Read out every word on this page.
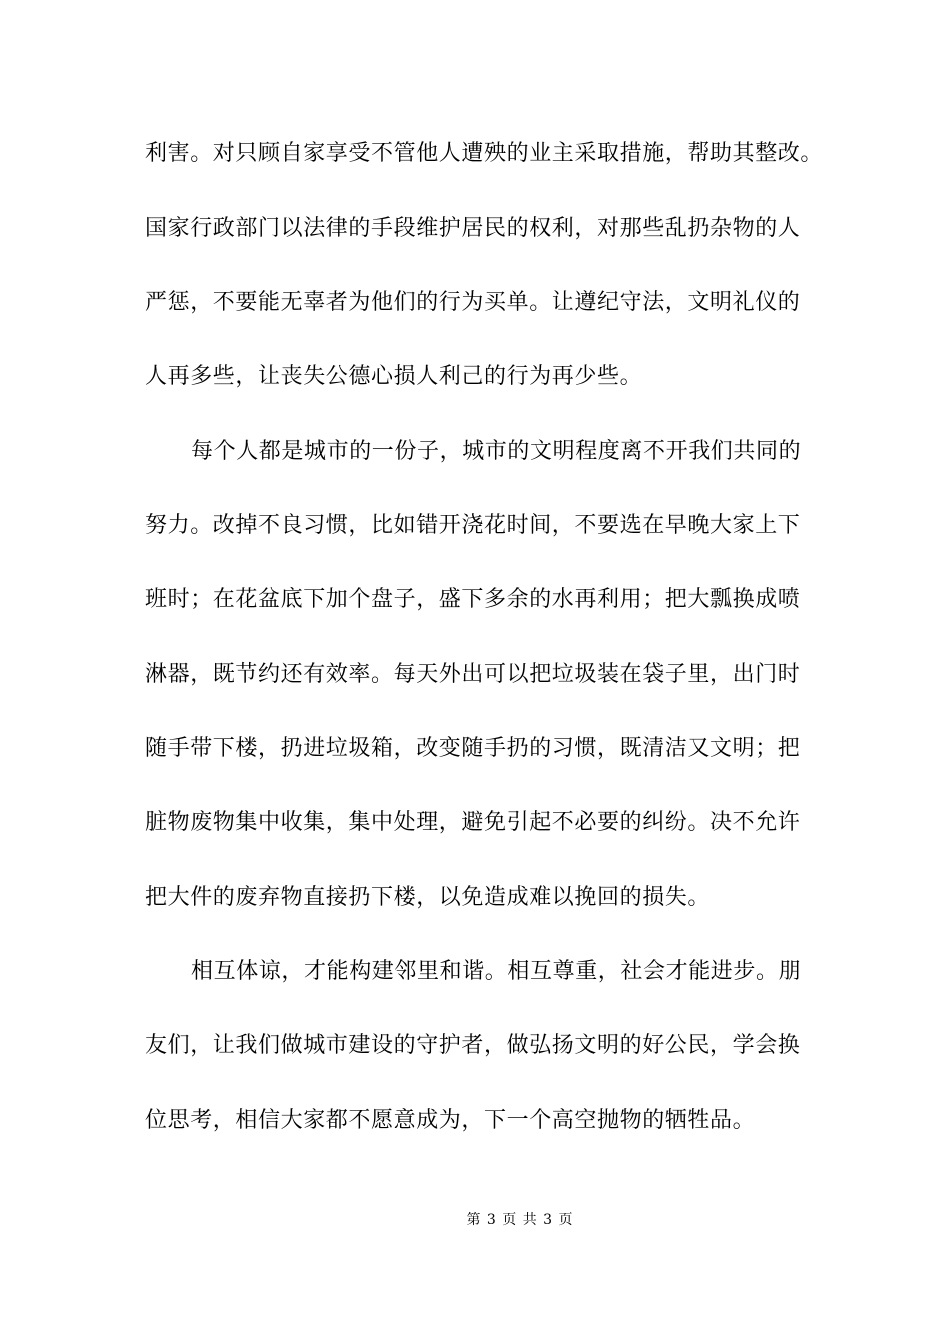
利害。对只顾自家享受不管他人遭殃的业主采取措施，帮助其整改。
国家行政部门以法律的手段维护居民的权利，对那些乱扔杂物的人
严惩，不要能无辜者为他们的行为买单。让遵纪守法，文明礼仪的
人再多些，让丧失公德心损人利己的行为再少些。
每个人都是城市的一份子，城市的文明程度离不开我们共同的
努力。改掉不良习惯，比如错开浇花时间，不要选在早晚大家上下
班时；在花盆底下加个盘子，盛下多余的水再利用；把大瓢换成喷
淋器，既节约还有效率。每天外出可以把垃圾装在袋子里，出门时
随手带下楼，扔进垃圾箱，改变随手扔的习惯，既清洁又文明；把
脏物废物集中收集，集中处理，避免引起不必要的纠纷。决不允许
把大件的废弃物直接扔下楼，以免造成难以挽回的损失。
相互体谅，才能构建邻里和谐。相互尊重，社会才能进步。朋
友们，让我们做城市建设的守护者，做弘扬文明的好公民，学会换
位思考，相信大家都不愿意成为，下一个高空抛物的牺牲品。
第 3 页 共 3 页
